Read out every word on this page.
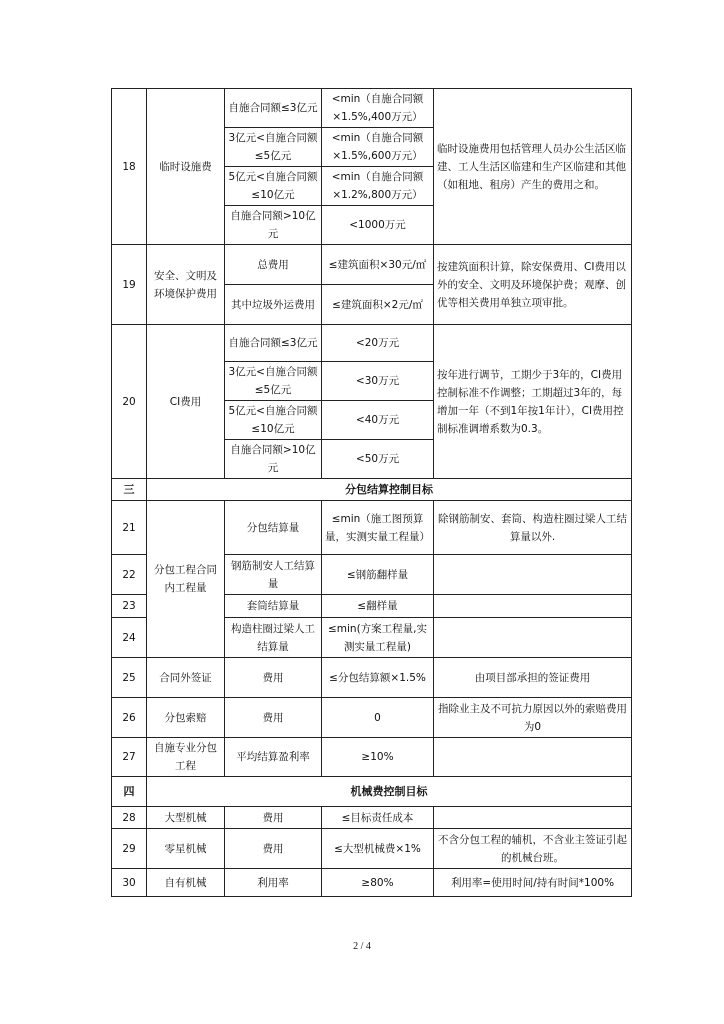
18	临时设施费	自施合同额≤3亿元	<min（自施合同额×1.5%,400万元）	临时设施费用包括管理人员办公生活区临建、工人生活区临建和生产区临建和其他（如租地、租房）产生的费用之和。
		3亿元<自施合同额≤5亿元	<min（自施合同额×1.5%,600万元）	
		5亿元<自施合同额≤10亿元	<min（自施合同额×1.2%,800万元）	
		自施合同额>10亿元	<1000万元	
19	安全、文明及环境保护费用	总费用	≤建筑面积×30元/㎡	按建筑面积计算，除安保费用、CI费用以外的安全、文明及环境保护费；观摩、创优等相关费用单独立项审批。
		其中垃圾外运费用	≤建筑面积×2元/㎡	
20	CI费用	自施合同额≤3亿元	<20万元	按年进行调节，工期少于3年的，CI费用控制标准不作调整；工期超过3年的，每增加一年（不到1年按1年计），CI费用控制标准调增系数为0.3。
		3亿元<自施合同额≤5亿元	<30万元	
		5亿元<自施合同额≤10亿元	<40万元	
		自施合同额>10亿元	<50万元	
三	分包结算控制目标			
21	分包工程合同内工程量	分包结算量	≤min（施工图预算量，实测实量工程量）	除钢筋制安、套筒、构造柱圈过梁人工结算量以外.
22		钢筋制安人工结算量	≤钢筋翻样量	
23		套筒结算量	≤翻样量	
24		构造柱圈过梁人工结算量	≤min(方案工程量,实测实量工程量)	
25	合同外签证	费用	≤分包结算额×1.5%	由项目部承担的签证费用
26	分包索赔	费用	0	指除业主及不可抗力原因以外的索赔费用为0
27	自施专业分包工程	平均结算盈利率	≥10%	
四	机械费控制目标			
28	大型机械	费用	≤目标责任成本	
29	零星机械	费用	≤大型机械费×1%	不含分包工程的辅机，不含业主签证引起的机械台班。
30	自有机械	利用率	≥80%	利用率=使用时间/持有时间*100%
2 / 4
